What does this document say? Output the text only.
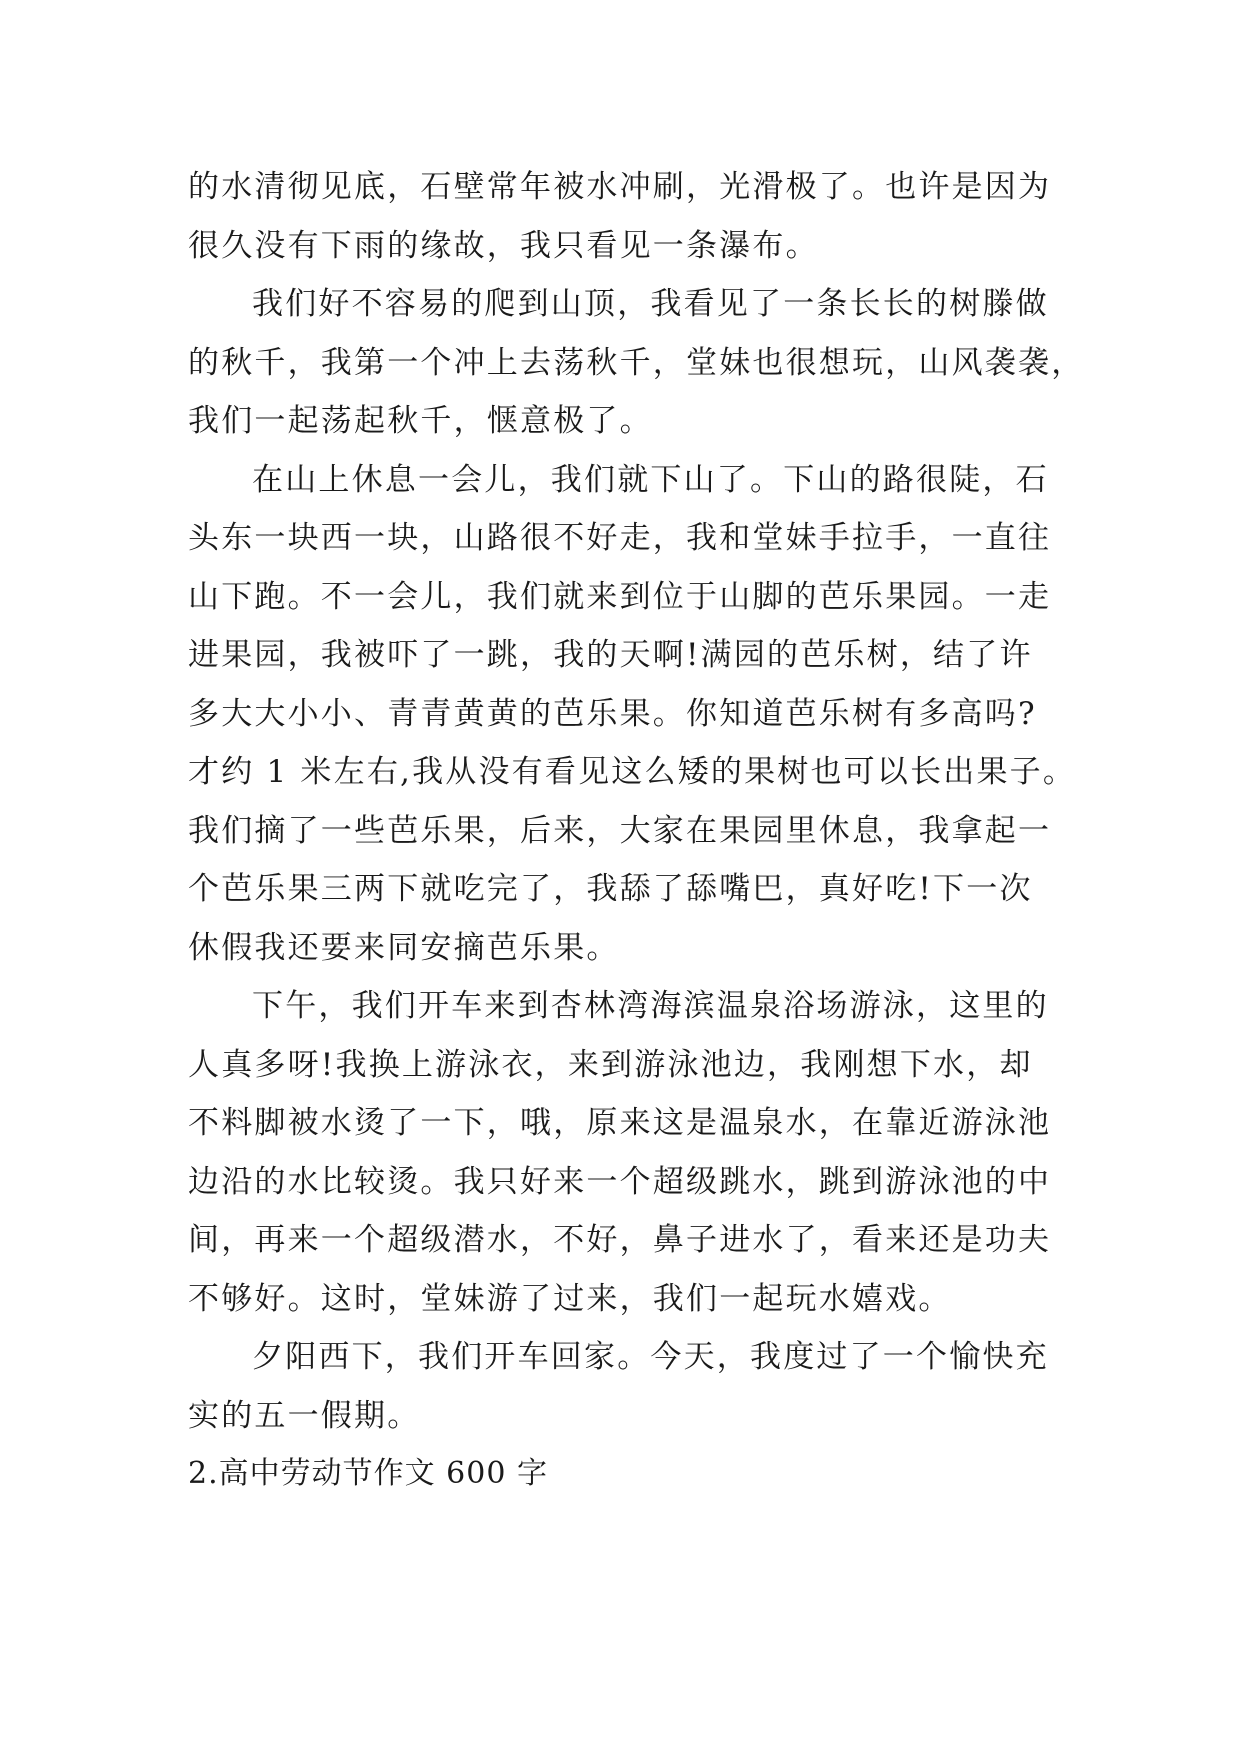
的水清彻见底，石壁常年被水冲刷，光滑极了。也许是因为
很久没有下雨的缘故，我只看见一条瀑布。
我们好不容易的爬到山顶，我看见了一条长长的树滕做
的秋千，我第一个冲上去荡秋千，堂妹也很想玩，山风袭袭，
我们一起荡起秋千，惬意极了。
在山上休息一会儿，我们就下山了。下山的路很陡，石
头东一块西一块，山路很不好走，我和堂妹手拉手，一直往
山下跑。不一会儿，我们就来到位于山脚的芭乐果园。一走
进果园，我被吓了一跳，我的天啊!满园的芭乐树，结了许
多大大小小、青青黄黄的芭乐果。你知道芭乐树有多高吗?
才约 1 米左右,我从没有看见这么矮的果树也可以长出果子。
我们摘了一些芭乐果，后来，大家在果园里休息，我拿起一
个芭乐果三两下就吃完了，我舔了舔嘴巴，真好吃!下一次
休假我还要来同安摘芭乐果。
下午，我们开车来到杏林湾海滨温泉浴场游泳，这里的
人真多呀!我换上游泳衣，来到游泳池边，我刚想下水，却
不料脚被水烫了一下，哦，原来这是温泉水，在靠近游泳池
边沿的水比较烫。我只好来一个超级跳水，跳到游泳池的中
间，再来一个超级潜水，不好，鼻子进水了，看来还是功夫
不够好。这时，堂妹游了过来，我们一起玩水嬉戏。
夕阳西下，我们开车回家。今天，我度过了一个愉快充
实的五一假期。
2.高中劳动节作文 600 字
